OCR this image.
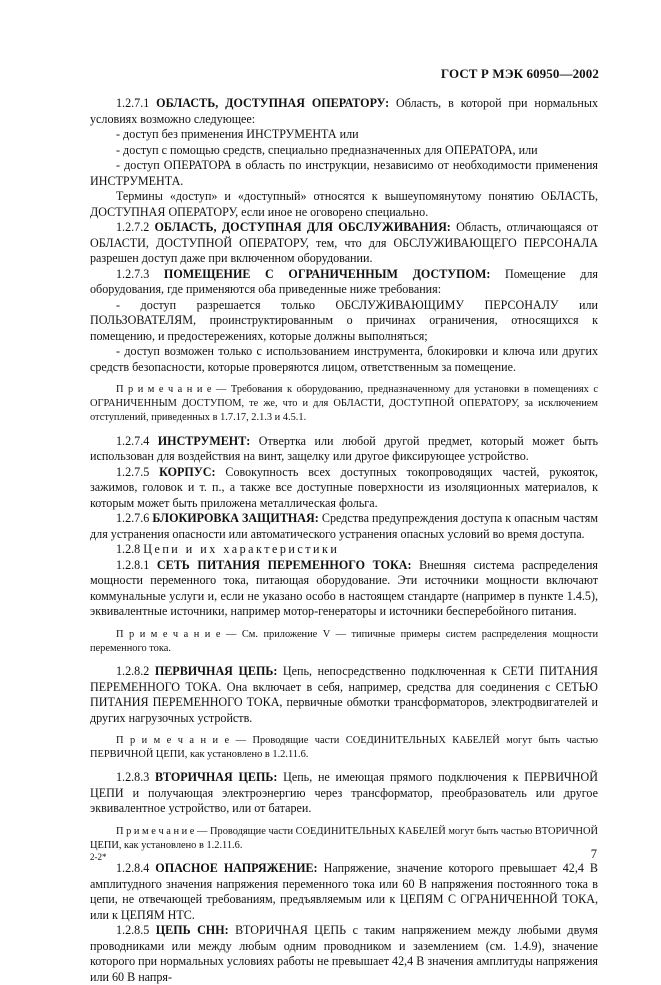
ГОСТ Р МЭК 60950—2002

1.2.7.1 ОБЛАСТЬ, ДОСТУПНАЯ ОПЕРАТОРУ: Область, в которой при нормальных условиях возможно следующее:

- доступ без применения ИНСТРУМЕНТА или

- доступ с помощью средств, специально предназначенных для ОПЕРАТОРА, или

- доступ ОПЕРАТОРА в область по инструкции, независимо от необходимости применения ИНСТРУМЕНТА.

Термины «доступ» и «доступный» относятся к вышеупомянутому понятию ОБЛАСТЬ, ДОСТУПНАЯ ОПЕРАТОРУ, если иное не оговорено специально.

1.2.7.2 ОБЛАСТЬ, ДОСТУПНАЯ ДЛЯ ОБСЛУЖИВАНИЯ: Область, отличающаяся от ОБЛАСТИ, ДОСТУПНОЙ ОПЕРАТОРУ, тем, что для ОБСЛУЖИВАЮЩЕГО ПЕРСОНАЛА разрешен доступ даже при включенном оборудовании.

1.2.7.3 ПОМЕЩЕНИЕ С ОГРАНИЧЕННЫМ ДОСТУПОМ: Помещение для оборудования, где применяются оба приведенные ниже требования:

- доступ разрешается только ОБСЛУЖИВАЮЩИМУ ПЕРСОНАЛУ или ПОЛЬЗОВАТЕЛЯМ, проинструктированным о причинах ограничения, относящихся к помещению, и предостережениях, которые должны выполняться;

- доступ возможен только с использованием инструмента, блокировки и ключа или других средств безопасности, которые проверяются лицом, ответственным за помещение.

П р и м е ч а н и е — Требования к оборудованию, предназначенному для установки в помещениях с ОГРАНИЧЕННЫМ ДОСТУПОМ, те же, что и для ОБЛАСТИ, ДОСТУПНОЙ ОПЕРАТОРУ, за исключением отступлений, приведенных в 1.7.17, 2.1.3 и 4.5.1.

1.2.7.4 ИНСТРУМЕНТ: Отвертка или любой другой предмет, который может быть использован для воздействия на винт, защелку или другое фиксирующее устройство.

1.2.7.5 КОРПУС: Совокупность всех доступных токопроводящих частей, рукояток, зажимов, головок и т. п., а также все доступные поверхности из изоляционных материалов, к которым может быть приложена металлическая фольга.

1.2.7.6 БЛОКИРОВКА ЗАЩИТНАЯ: Средства предупреждения доступа к опасным частям для устранения опасности или автоматического устранения опасных условий во время доступа.

1.2.8 Цепи и их характеристики

1.2.8.1 СЕТЬ ПИТАНИЯ ПЕРЕМЕННОГО ТОКА: Внешняя система распределения мощности переменного тока, питающая оборудование. Эти источники мощности включают коммунальные услуги и, если не указано особо в настоящем стандарте (например в пункте 1.4.5), эквивалентные источники, например мотор-генераторы и источники бесперебойного питания.

П р и м е ч а н и е — См. приложение V — типичные примеры систем распределения мощности переменного тока.

1.2.8.2 ПЕРВИЧНАЯ ЦЕПЬ: Цепь, непосредственно подключенная к СЕТИ ПИТАНИЯ ПЕРЕМЕННОГО ТОКА. Она включает в себя, например, средства для соединения с СЕТЬЮ ПИТАНИЯ ПЕРЕМЕННОГО ТОКА, первичные обмотки трансформаторов, электродвигателей и других нагрузочных устройств.

П р и м е ч а н и е — Проводящие части СОЕДИНИТЕЛЬНЫХ КАБЕЛЕЙ могут быть частью ПЕРВИЧНОЙ ЦЕПИ, как установлено в 1.2.11.6.

1.2.8.3 ВТОРИЧНАЯ ЦЕПЬ: Цепь, не имеющая прямого подключения к ПЕРВИЧНОЙ ЦЕПИ и получающая электроэнергию через трансформатор, преобразователь или другое эквивалентное устройство, или от батареи.

П р и м е ч а н и е — Проводящие части СОЕДИНИТЕЛЬНЫХ КАБЕЛЕЙ могут быть частью ВТОРИЧНОЙ ЦЕПИ, как установлено в 1.2.11.6.

1.2.8.4 ОПАСНОЕ НАПРЯЖЕНИЕ: Напряжение, значение которого превышает 42,4 В амплитудного значения напряжения переменного тока или 60 В напряжения постоянного тока в цепи, не отвечающей требованиям, предъявляемым или к ЦЕПЯМ С ОГРАНИЧЕННОЙ ТОКА, или к ЦЕПЯМ НТС.

1.2.8.5 ЦЕПЬ СНН: ВТОРИЧНАЯ ЦЕПЬ с таким напряжением между любыми двумя проводниками или между любым одним проводником и заземлением (см. 1.4.9), значение которого при нормальных условиях работы не превышает 42,4 В значения амплитуды напряжения или 60 В напря-

2-2*	7
